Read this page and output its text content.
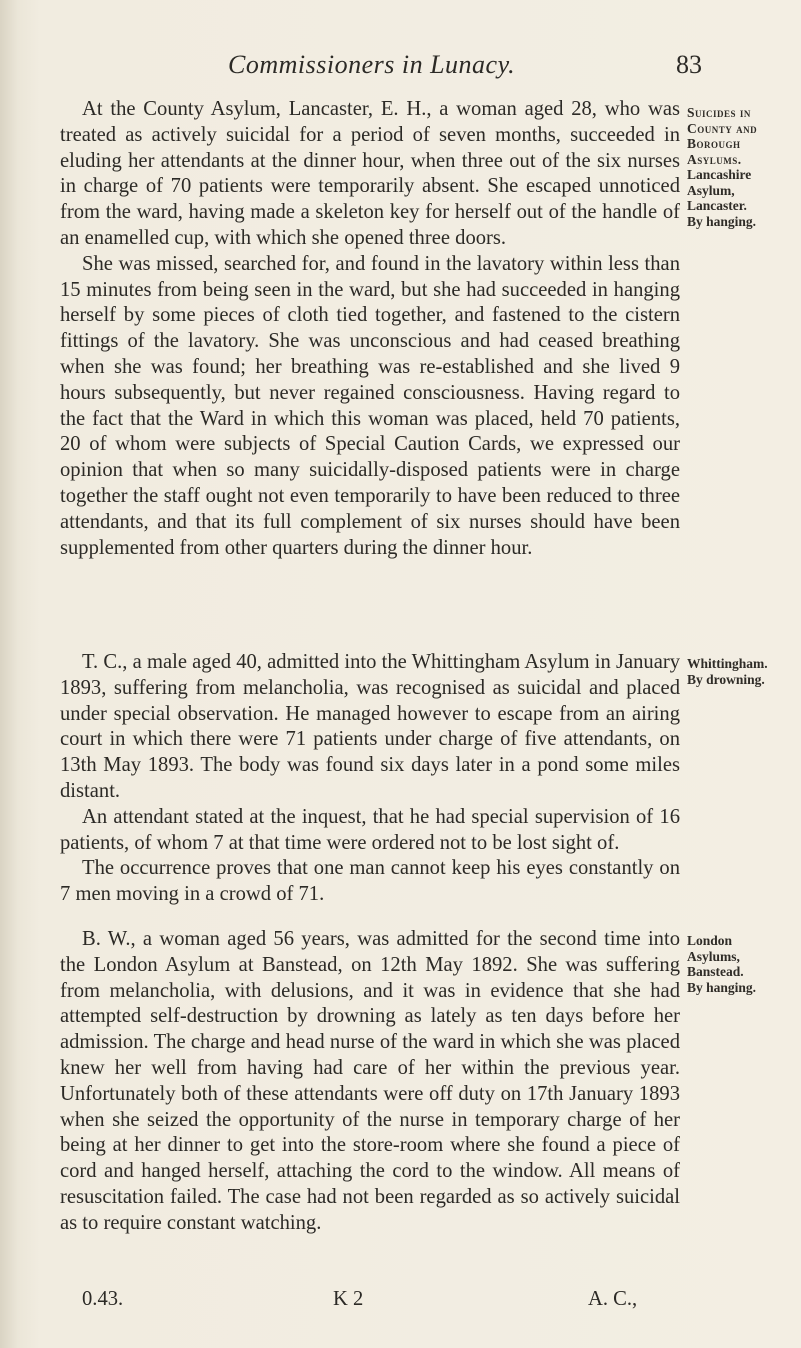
Commissioners in Lunacy.	83

At the County Asylum, Lancaster, E. H., a woman aged 28, who was treated as actively suicidal for a period of seven months, succeeded in eluding her attendants at the dinner hour, when three out of the six nurses in charge of 70 patients were temporarily absent. She escaped unnoticed from the ward, having made a skeleton key for herself out of the handle of an enamelled cup, with which she opened three doors.

She was missed, searched for, and found in the lavatory within less than 15 minutes from being seen in the ward, but she had succeeded in hanging herself by some pieces of cloth tied together, and fastened to the cistern fittings of the lavatory. She was unconscious and had ceased breathing when she was found; her breathing was re-established and she lived 9 hours subsequently, but never regained consciousness. Having regard to the fact that the Ward in which this woman was placed, held 70 patients, 20 of whom were subjects of Special Caution Cards, we expressed our opinion that when so many suicidally-disposed patients were in charge together the staff ought not even temporarily to have been reduced to three attendants, and that its full complement of six nurses should have been supplemented from other quarters during the dinner hour.

Suicides in
County and
Borough
Asylums.
Lancashire
Asylum,
Lancaster.
By hanging.

T. C., a male aged 40, admitted into the Whittingham Asylum in January 1893, suffering from melancholia, was recognised as suicidal and placed under special observation. He managed however to escape from an airing court in which there were 71 patients under charge of five attendants, on 13th May 1893. The body was found six days later in a pond some miles distant.

An attendant stated at the inquest, that he had special supervision of 16 patients, of whom 7 at that time were ordered not to be lost sight of.

The occurrence proves that one man cannot keep his eyes constantly on 7 men moving in a crowd of 71.

Whittingham.
By drowning.

B. W., a woman aged 56 years, was admitted for the second time into the London Asylum at Banstead, on 12th May 1892. She was suffering from melancholia, with delusions, and it was in evidence that she had attempted self-destruction by drowning as lately as ten days before her admission. The charge and head nurse of the ward in which she was placed knew her well from having had care of her within the previous year. Unfortunately both of these attendants were off duty on 17th January 1893 when she seized the opportunity of the nurse in temporary charge of her being at her dinner to get into the store-room where she found a piece of cord and hanged herself, attaching the cord to the window. All means of resuscitation failed. The case had not been regarded as so actively suicidal as to require constant watching.

London
Asylums,
Banstead.
By hanging.
0.43.	K 2	A. C.,
